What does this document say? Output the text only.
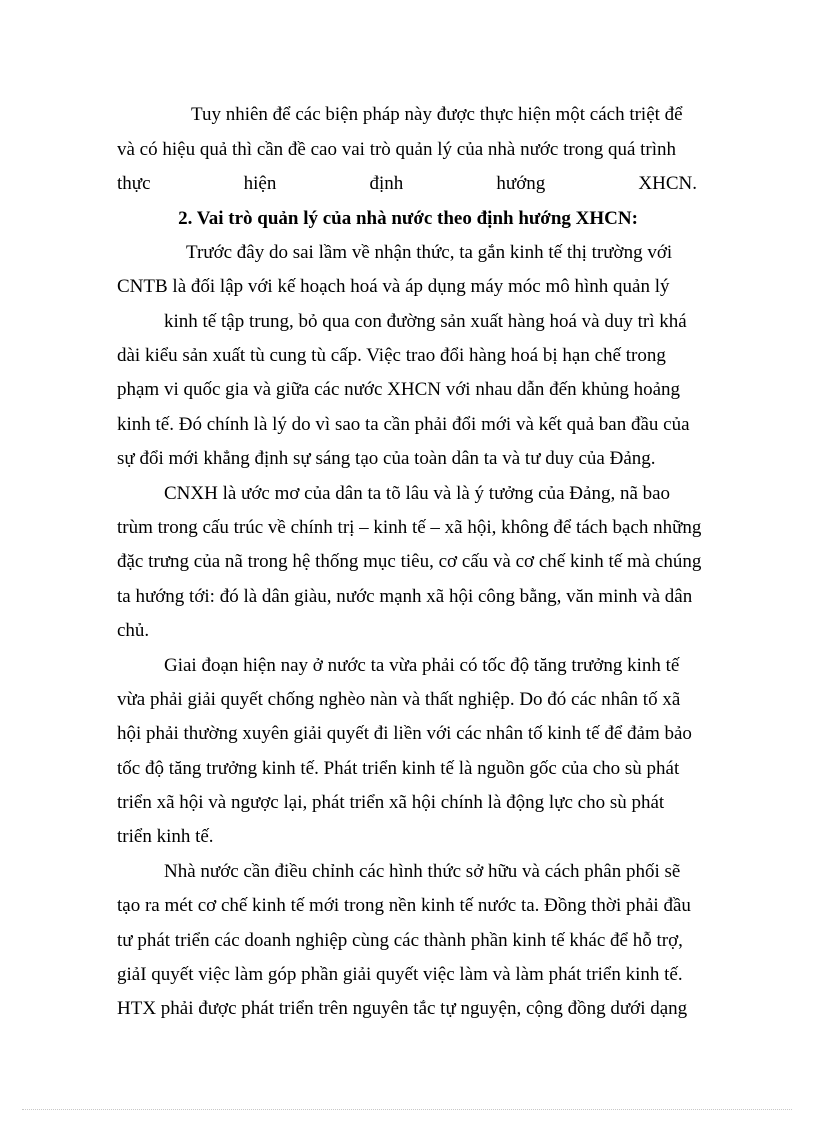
Tuy nhiên để các biện pháp này được thực hiện một cách triệt để

và có hiệu quả thì cần đề cao vai trò quản lý của nhà nước trong quá trình

thực	hiện	định	hướng	XHCN.
2. Vai trò quản lý của nhà nước theo định hướng XHCN:

Trước đây do sai lầm về nhận thức, ta gắn kinh tế thị trường với

CNTB là đối lập với kế hoạch hoá và áp dụng máy móc mô hình quản lý

kinh tế tập trung, bỏ qua con đường sản xuất hàng hoá và duy trì khá

dài kiểu sản xuất tù cung tù cấp. Việc trao đổi hàng hoá bị hạn chế trong

phạm vi quốc gia và giữa các nước XHCN với nhau dẫn đến khủng hoảng

kinh tế. Đó chính là lý do vì sao ta cần phải đổi mới và kết quả ban đầu của

sự đổi mới khẳng định sự sáng tạo của toàn dân ta và tư duy của Đảng.

CNXH là ước mơ của dân ta tõ lâu và là ý tưởng của Đảng, nã bao

trùm trong cấu trúc về chính trị – kinh tế – xã hội, không để tách bạch những

đặc trưng của nã trong hệ thống mục tiêu, cơ cấu và cơ chế kinh tế mà chúng

ta hướng tới: đó là dân giàu, nước mạnh xã hội công bằng, văn minh và dân

chủ.

Giai đoạn hiện nay ở nước ta vừa phải có tốc độ tăng trưởng kinh tế

vừa phải giải quyết chống nghèo nàn và thất nghiệp. Do đó các nhân tố xã

hội phải thường xuyên giải quyết đi liền với các nhân tố kinh tế để đảm bảo

tốc độ tăng trưởng kinh tế. Phát triển kinh tế là nguồn gốc của cho sù phát

triển xã hội và ngược lại, phát triển xã hội chính là động lực cho sù phát

triển kinh tế.

Nhà nước cần điều chỉnh các hình thức sở hữu và cách phân phối sẽ

tạo ra mét cơ chế kinh tế mới trong nền kinh tế nước ta. Đồng thời phải đầu

tư phát triển các doanh nghiệp cùng các thành phần kinh tế khác để hỗ trợ,

giảI quyết việc làm góp phần giải quyết việc làm và làm phát triển kinh tế.

HTX phải được phát triển trên nguyên tắc tự nguyện, cộng đồng dưới dạng
